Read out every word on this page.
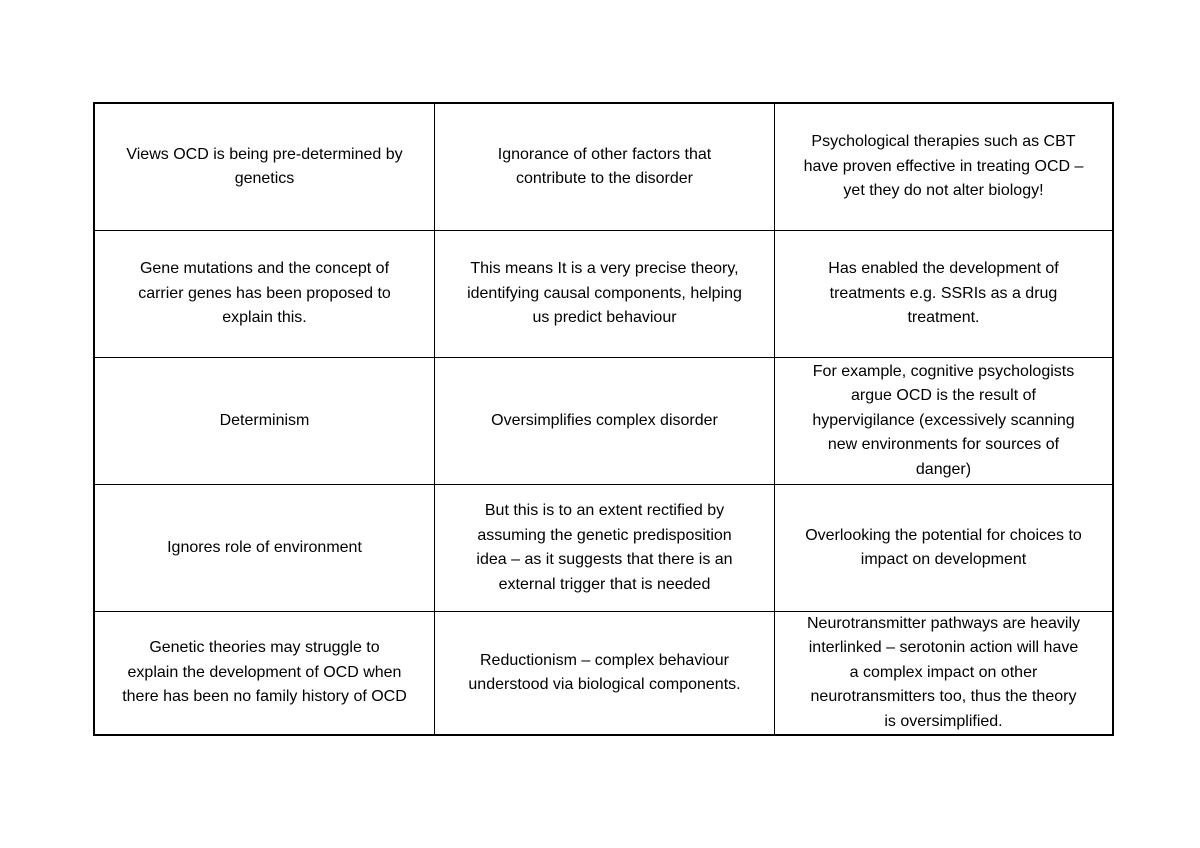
Views OCD is being pre-determined by
genetics
Ignorance of other factors that
contribute to the disorder
Psychological therapies such as CBT
have proven effective in treating OCD –
yet they do not alter biology!
Gene mutations and the concept of
carrier genes has been proposed to
explain this.
This means It is a very precise theory,
identifying causal components, helping
us predict behaviour
Has enabled the development of
treatments e.g. SSRIs as a drug
treatment.
Determinism	Oversimplifies complex disorder
For example, cognitive psychologists
argue OCD is the result of
hypervigilance (excessively scanning
new environments for sources of
danger)
Ignores role of environment
But this is to an extent rectified by
assuming the genetic predisposition
idea – as it suggests that there is an
external trigger that is needed
Overlooking the potential for choices to
impact on development
Genetic theories may struggle to
explain the development of OCD when
there has been no family history of OCD
Reductionism – complex behaviour
understood via biological components.
Neurotransmitter pathways are heavily
interlinked – serotonin action will have
a complex impact on other
neurotransmitters too, thus the theory
is oversimplified.
